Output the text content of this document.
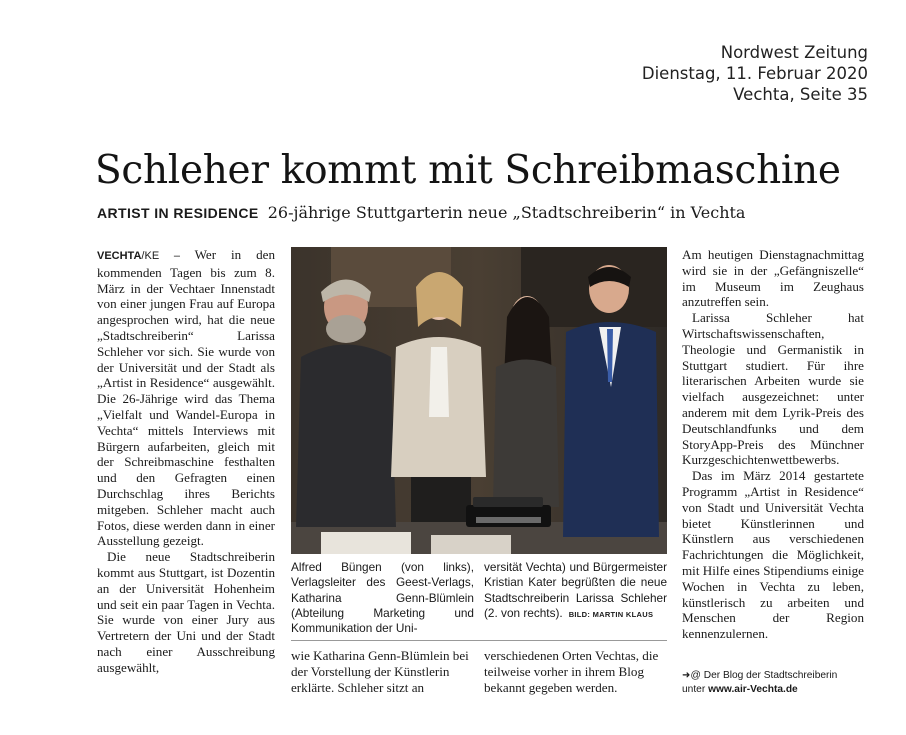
Nordwest Zeitung
Dienstag, 11. Februar 2020
Vechta, Seite 35
Schleher kommt mit Schreibmaschine
ARTIST IN RESIDENCE 26-jährige Stuttgarterin neue „Stadtschreiberin“ in Vechta

VECHTA/KE – Wer in den kommenden Tagen bis zum 8. März in der Vechtaer Innenstadt von einer jungen Frau auf Europa angesprochen wird, hat die neue „Stadtschreiberin“ Larissa Schleher vor sich. Sie wurde von der Universität und der Stadt als „Artist in Residence“ ausgewählt. Die 26-Jährige wird das Thema „Vielfalt und Wandel-Europa in Vechta“ mittels Interviews mit Bürgern aufarbeiten, gleich mit der Schreibmaschine festhalten und den Gefragten einen Durchschlag ihres Berichts mitgeben. Schleher macht auch Fotos, diese werden dann in einer Ausstellung gezeigt.

Die neue Stadtschreiberin kommt aus Stuttgart, ist Dozentin an der Universität Hohenheim und seit ein paar Tagen in Vechta. Sie wurde von einer Jury aus Vertretern der Uni und der Stadt nach einer Ausschreibung ausgewählt,

Alfred Büngen (von links), Verlagsleiter des Geest-Verlags, Katharina Genn-Blümlein (Abteilung Marketing und Kommunikation der Uni-
versität Vechta) und Bürgermeister Kristian Kater begrüßten die neue Stadtschreiberin Larissa Schleher (2. von rechts). BILD: MARTIN KLAUS
wie Katharina Genn-Blümlein bei der Vorstellung der Künstlerin erklärte. Schleher sitzt an
verschiedenen Orten Vechtas, die teilweise vorher in ihrem Blog bekannt gegeben werden.

Am heutigen Dienstagnachmittag wird sie in der „Gefängniszelle“ im Museum im Zeughaus anzutreffen sein.

Larissa Schleher hat Wirtschaftswissenschaften, Theologie und Germanistik in Stuttgart studiert. Für ihre literarischen Arbeiten wurde sie vielfach ausgezeichnet: unter anderem mit dem Lyrik-Preis des Deutschlandfunks und dem StoryApp-Preis des Münchner Kurzgeschichtenwettbewerbs.

Das im März 2014 gestartete Programm „Artist in Residence“ von Stadt und Universität Vechta bietet Künstlerinnen und Künstlern aus verschiedenen Fachrichtungen die Möglichkeit, mit Hilfe eines Stipendiums einige Wochen in Vechta zu leben, künstlerisch zu arbeiten und Menschen der Region kennenzulernen.

➜@ Der Blog der Stadtschreiberin
unter www.air-Vechta.de
